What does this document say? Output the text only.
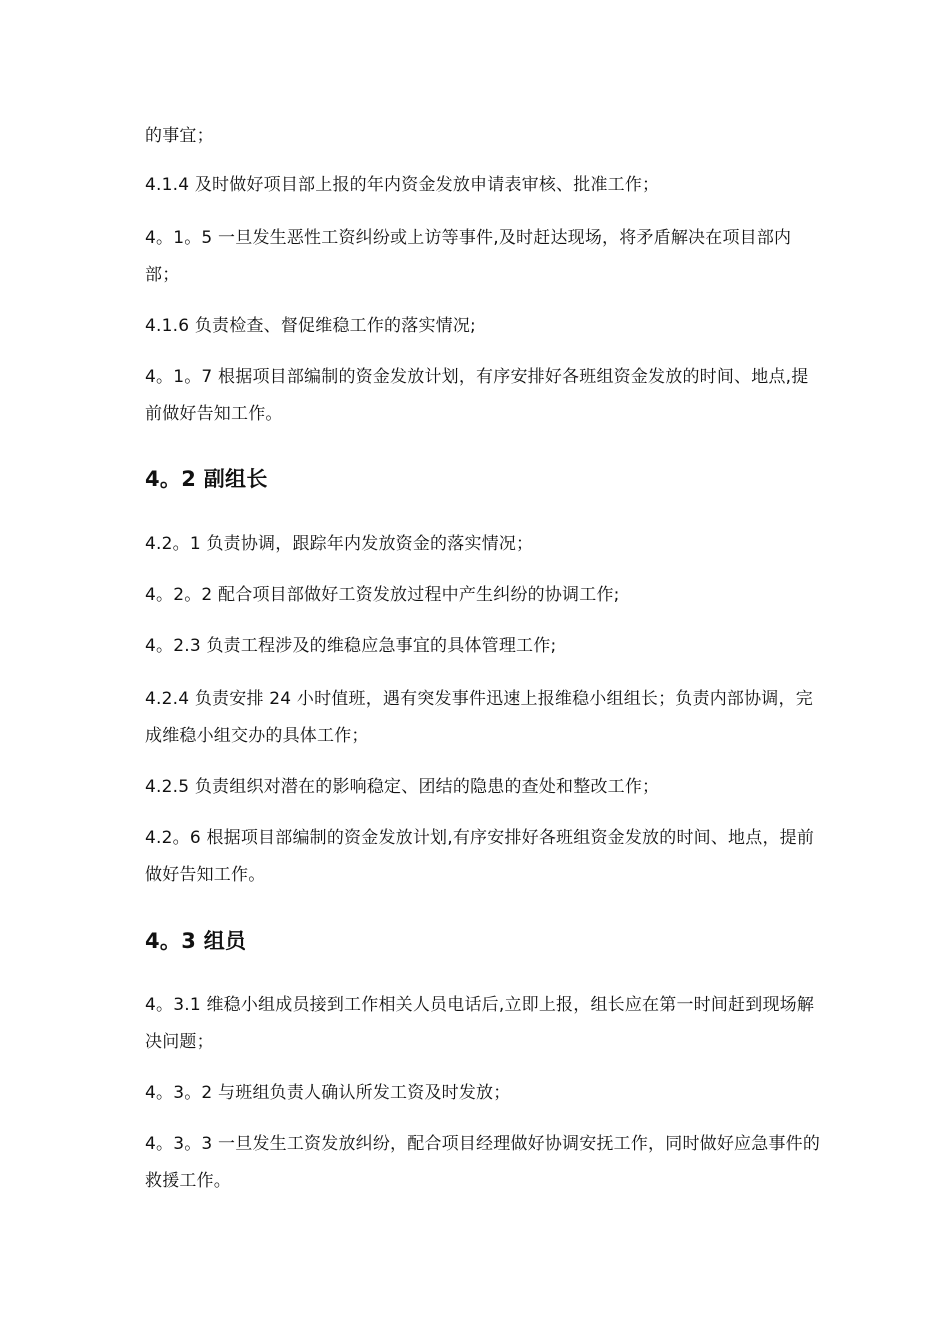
的事宜；

4.1.4 及时做好项目部上报的年内资金发放申请表审核、批准工作；

4。1。5 一旦发生恶性工资纠纷或上访等事件,及时赶达现场，将矛盾解决在项目部内部；

4.1.6 负责检查、督促维稳工作的落实情况;

4。1。7 根据项目部编制的资金发放计划，有序安排好各班组资金发放的时间、地点,提前做好告知工作。

4。2 副组长

4.2。1 负责协调，跟踪年内发放资金的落实情况；

4。2。2 配合项目部做好工资发放过程中产生纠纷的协调工作;

4。2.3 负责工程涉及的维稳应急事宜的具体管理工作;

4.2.4 负责安排 24 小时值班，遇有突发事件迅速上报维稳小组组长；负责内部协调，完成维稳小组交办的具体工作；

4.2.5 负责组织对潜在的影响稳定、团结的隐患的查处和整改工作；

4.2。6 根据项目部编制的资金发放计划,有序安排好各班组资金发放的时间、地点，提前做好告知工作。

4。3 组员

4。3.1 维稳小组成员接到工作相关人员电话后,立即上报，组长应在第一时间赶到现场解决问题；

4。3。2 与班组负责人确认所发工资及时发放；

4。3。3 一旦发生工资发放纠纷，配合项目经理做好协调安抚工作，同时做好应急事件的救援工作。
